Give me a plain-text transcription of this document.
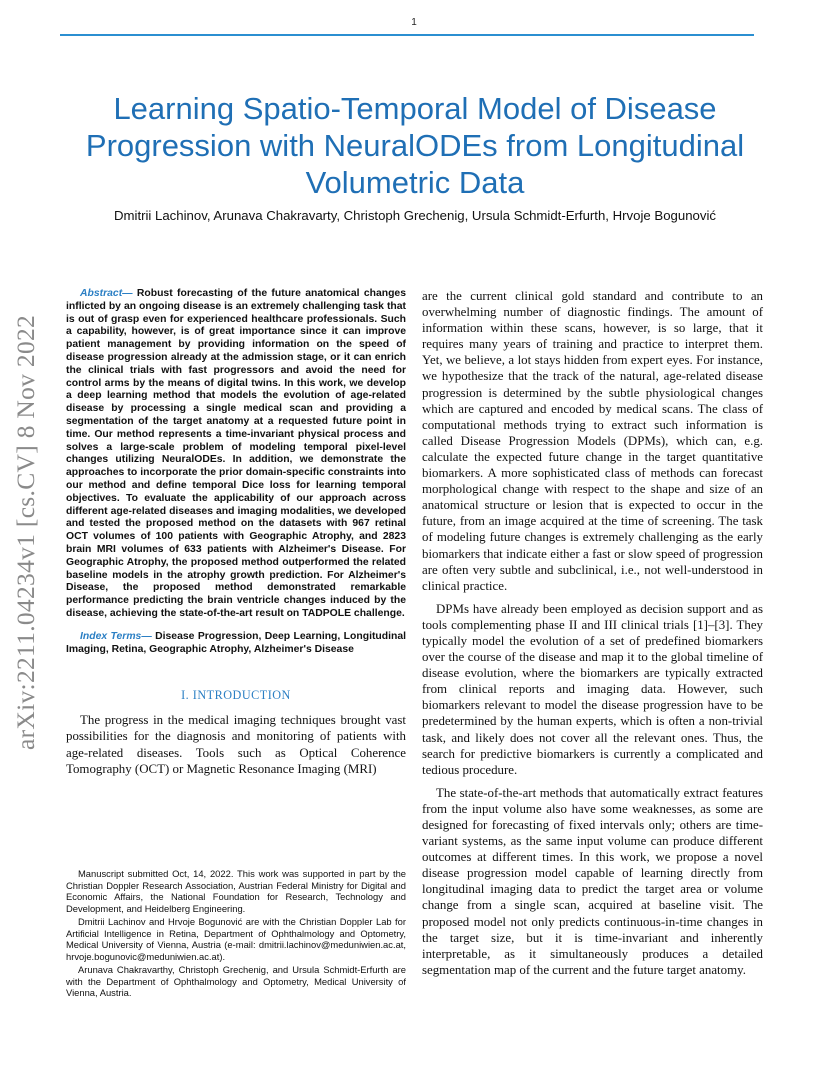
1
arXiv:2211.04234v1 [cs.CV] 8 Nov 2022
Learning Spatio-Temporal Model of Disease Progression with NeuralODEs from Longitudinal Volumetric Data
Dmitrii Lachinov, Arunava Chakravarty, Christoph Grechenig, Ursula Schmidt-Erfurth, Hrvoje Bogunović

Abstract— Robust forecasting of the future anatomical changes inflicted by an ongoing disease is an extremely challenging task that is out of grasp even for experienced healthcare professionals. Such a capability, however, is of great importance since it can improve patient management by providing information on the speed of disease progression already at the admission stage, or it can enrich the clinical trials with fast progressors and avoid the need for control arms by the means of digital twins. In this work, we develop a deep learning method that models the evolution of age-related disease by processing a single medical scan and providing a segmentation of the target anatomy at a requested future point in time. Our method represents a time-invariant physical process and solves a large-scale problem of modeling temporal pixel-level changes utilizing NeuralODEs. In addition, we demonstrate the approaches to incorporate the prior domain-specific constraints into our method and define temporal Dice loss for learning temporal objectives. To evaluate the applicability of our approach across different age-related diseases and imaging modalities, we developed and tested the proposed method on the datasets with 967 retinal OCT volumes of 100 patients with Geographic Atrophy, and 2823 brain MRI volumes of 633 patients with Alzheimer's Disease. For Geographic Atrophy, the proposed method outperformed the related baseline models in the atrophy growth prediction. For Alzheimer's Disease, the proposed method demonstrated remarkable performance predicting the brain ventricle changes induced by the disease, achieving the state-of-the-art result on TADPOLE challenge.

Index Terms— Disease Progression, Deep Learning, Longitudinal Imaging, Retina, Geographic Atrophy, Alzheimer's Disease

I. INTRODUCTION

The progress in the medical imaging techniques brought vast possibilities for the diagnosis and monitoring of patients with age-related diseases. Tools such as Optical Coherence Tomography (OCT) or Magnetic Resonance Imaging (MRI)

Manuscript submitted Oct, 14, 2022. This work was supported in part by the Christian Doppler Research Association, Austrian Federal Ministry for Digital and Economic Affairs, the National Foundation for Research, Technology and Development, and Heidelberg Engineering.

Dmitrii Lachinov and Hrvoje Bogunović are with the Christian Doppler Lab for Artificial Intelligence in Retina, Department of Ophthalmology and Optometry, Medical University of Vienna, Austria (e-mail: dmitrii.lachinov@meduniwien.ac.at, hrvoje.bogunovic@meduniwien.ac.at).

Arunava Chakravarthy, Christoph Grechenig, and Ursula Schmidt-Erfurth are with the Department of Ophthalmology and Optometry, Medical University of Vienna, Austria.

are the current clinical gold standard and contribute to an overwhelming number of diagnostic findings. The amount of information within these scans, however, is so large, that it requires many years of training and practice to interpret them. Yet, we believe, a lot stays hidden from expert eyes. For instance, we hypothesize that the track of the natural, age-related disease progression is determined by the subtle physiological changes which are captured and encoded by medical scans. The class of computational methods trying to extract such information is called Disease Progression Models (DPMs), which can, e.g. calculate the expected future change in the target quantitative biomarkers. A more sophisticated class of methods can forecast morphological change with respect to the shape and size of an anatomical structure or lesion that is expected to occur in the future, from an image acquired at the time of screening. The task of modeling future changes is extremely challenging as the early biomarkers that indicate either a fast or slow speed of progression are often very subtle and subclinical, i.e., not well-understood in clinical practice.

DPMs have already been employed as decision support and as tools complementing phase II and III clinical trials [1]–[3]. They typically model the evolution of a set of predefined biomarkers over the course of the disease and map it to the global timeline of disease evolution, where the biomarkers are typically extracted from clinical reports and imaging data. However, such biomarkers relevant to model the disease progression have to be predetermined by the human experts, which is often a non-trivial task, and likely does not cover all the relevant ones. Thus, the search for predictive biomarkers is currently a complicated and tedious procedure.

The state-of-the-art methods that automatically extract features from the input volume also have some weaknesses, as some are designed for forecasting of fixed intervals only; others are time-variant systems, as the same input volume can produce different outcomes at different times. In this work, we propose a novel disease progression model capable of learning directly from longitudinal imaging data to predict the target area or volume change from a single scan, acquired at baseline visit. The proposed model not only predicts continuous-in-time changes in the target size, but it is time-invariant and inherently interpretable, as it simultaneously produces a detailed segmentation map of the current and the future target anatomy.
